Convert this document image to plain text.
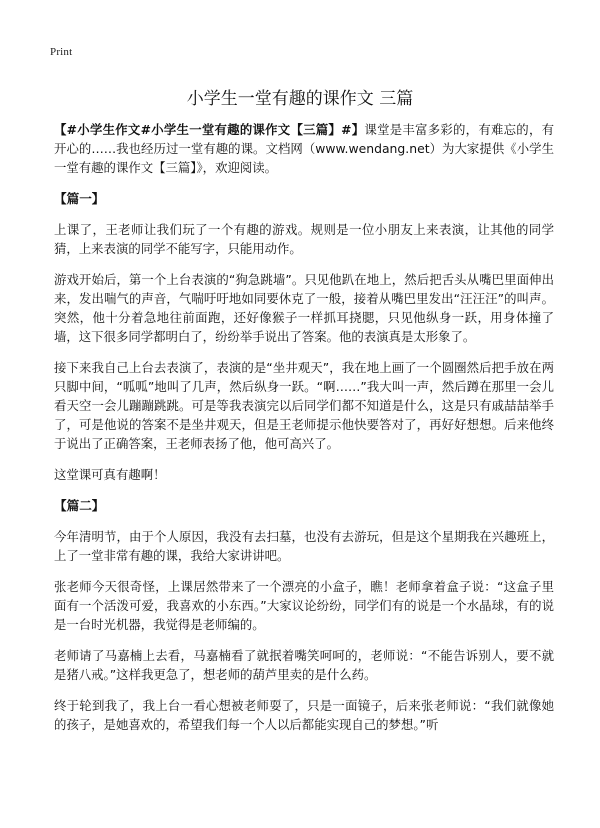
Print
小学生一堂有趣的课作文 三篇

【#小学生作文#小学生一堂有趣的课作文【三篇】#】课堂是丰富多彩的，有难忘的，有开心的……我也经历过一堂有趣的课。文档网（www.wendang.net）为大家提供《小学生一堂有趣的课作文【三篇】》，欢迎阅读。

【篇一】

上课了，王老师让我们玩了一个有趣的游戏。规则是一位小朋友上来表演，让其他的同学猜，上来表演的同学不能写字，只能用动作。

游戏开始后，第一个上台表演的“狗急跳墙”。只见他趴在地上，然后把舌头从嘴巴里面伸出来，发出喘气的声音，气喘吁吁地如同要休克了一般，接着从嘴巴里发出“汪汪汪”的叫声。突然，他十分着急地往前面跑，还好像猴子一样抓耳挠腮，只见他纵身一跃，用身体撞了墙，这下很多同学都明白了，纷纷举手说出了答案。他的表演真是太形象了。

接下来我自己上台去表演了，表演的是“坐井观天”，我在地上画了一个圆圈然后把手放在两只脚中间，“呱呱”地叫了几声，然后纵身一跃。“啊……”我大叫一声，然后蹲在那里一会儿看天空一会儿蹦蹦跳跳。可是等我表演完以后同学们都不知道是什么，这是只有戚喆喆举手了，可是他说的答案不是坐井观天，但是王老师提示他快要答对了，再好好想想。后来他终于说出了正确答案，王老师表扬了他，他可高兴了。

这堂课可真有趣啊！

【篇二】

今年清明节，由于个人原因，我没有去扫墓，也没有去游玩，但是这个星期我在兴趣班上，上了一堂非常有趣的课，我给大家讲讲吧。

张老师今天很奇怪，上课居然带来了一个漂亮的小盒子，瞧！老师拿着盒子说：“这盒子里面有一个活泼可爱，我喜欢的小东西。”大家议论纷纷，同学们有的说是一个水晶球，有的说是一台时光机器，我觉得是老师编的。

老师请了马嘉楠上去看，马嘉楠看了就抿着嘴笑呵呵的，老师说：“不能告诉别人，要不就是猪八戒。”这样我更急了，想老师的葫芦里卖的是什么药。

终于轮到我了，我上台一看心想被老师耍了，只是一面镜子，后来张老师说：“我们就像她的孩子，是她喜欢的，希望我们每一个人以后都能实现自己的梦想。”听
